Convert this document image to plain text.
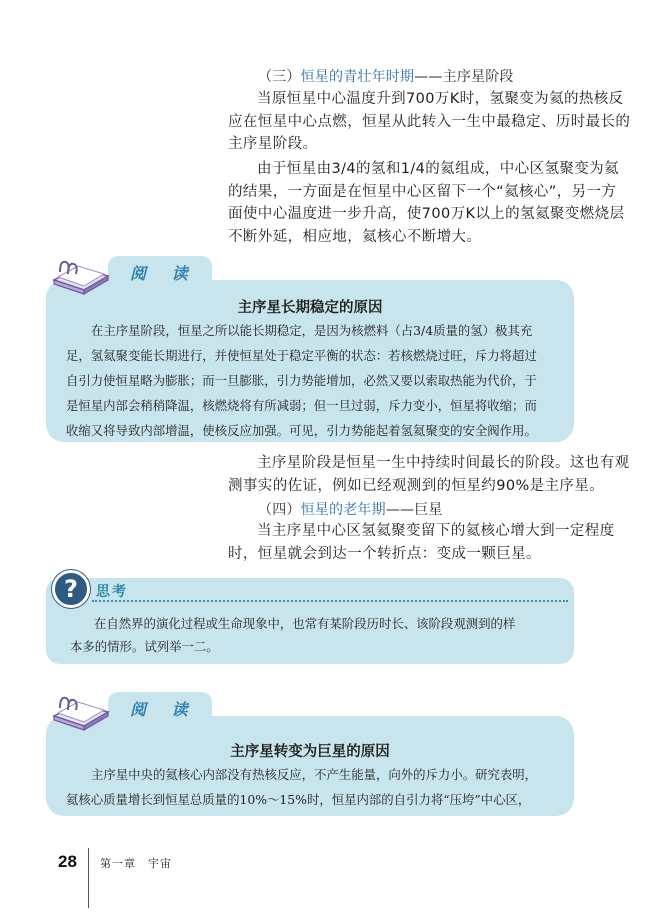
（三）恒星的青壮年时期——主序星阶段
当原恒星中心温度升到700万K时，氢聚变为氦的热核反
应在恒星中心点燃，恒星从此转入一生中最稳定、历时最长的
主序星阶段。
由于恒星由3/4的氢和1/4的氦组成，中心区氢聚变为氦
的结果，一方面是在恒星中心区留下一个“氦核心”，另一方
面使中心温度进一步升高，使700万K以上的氢氦聚变燃烧层
不断外延，相应地，氦核心不断增大。
主序星长期稳定的原因
在主序星阶段，恒星之所以能长期稳定，是因为核燃料（占3/4质量的氢）极其充
足，氢氦聚变能长期进行，并使恒星处于稳定平衡的状态：若核燃烧过旺，斥力将超过
自引力使恒星略为膨胀；而一旦膨胀，引力势能增加，必然又要以索取热能为代价，于
是恒星内部会稍稍降温，核燃烧将有所减弱；但一旦过弱，斥力变小，恒星将收缩；而
收缩又将导致内部增温，使核反应加强。可见，引力势能起着氢氦聚变的安全阀作用。
阅 读
主序星阶段是恒星一生中持续时间最长的阶段。这也有观
测事实的佐证，例如已经观测到的恒星约90%是主序星。
（四）恒星的老年期——巨星
当主序星中心区氢氦聚变留下的氦核心增大到一定程度
时，恒星就会到达一个转折点：变成一颗巨星。
?	思考
在自然界的演化过程或生命现象中，也常有某阶段历时长、该阶段观测到的样
本多的情形。试列举一二。
主序星转变为巨星的原因
主序星中央的氦核心内部没有热核反应，不产生能量，向外的斥力小。研究表明，
氦核心质量增长到恒星总质量的10%～15%时，恒星内部的自引力将“压垮”中心区，
阅 读
28 第一章　宇宙
